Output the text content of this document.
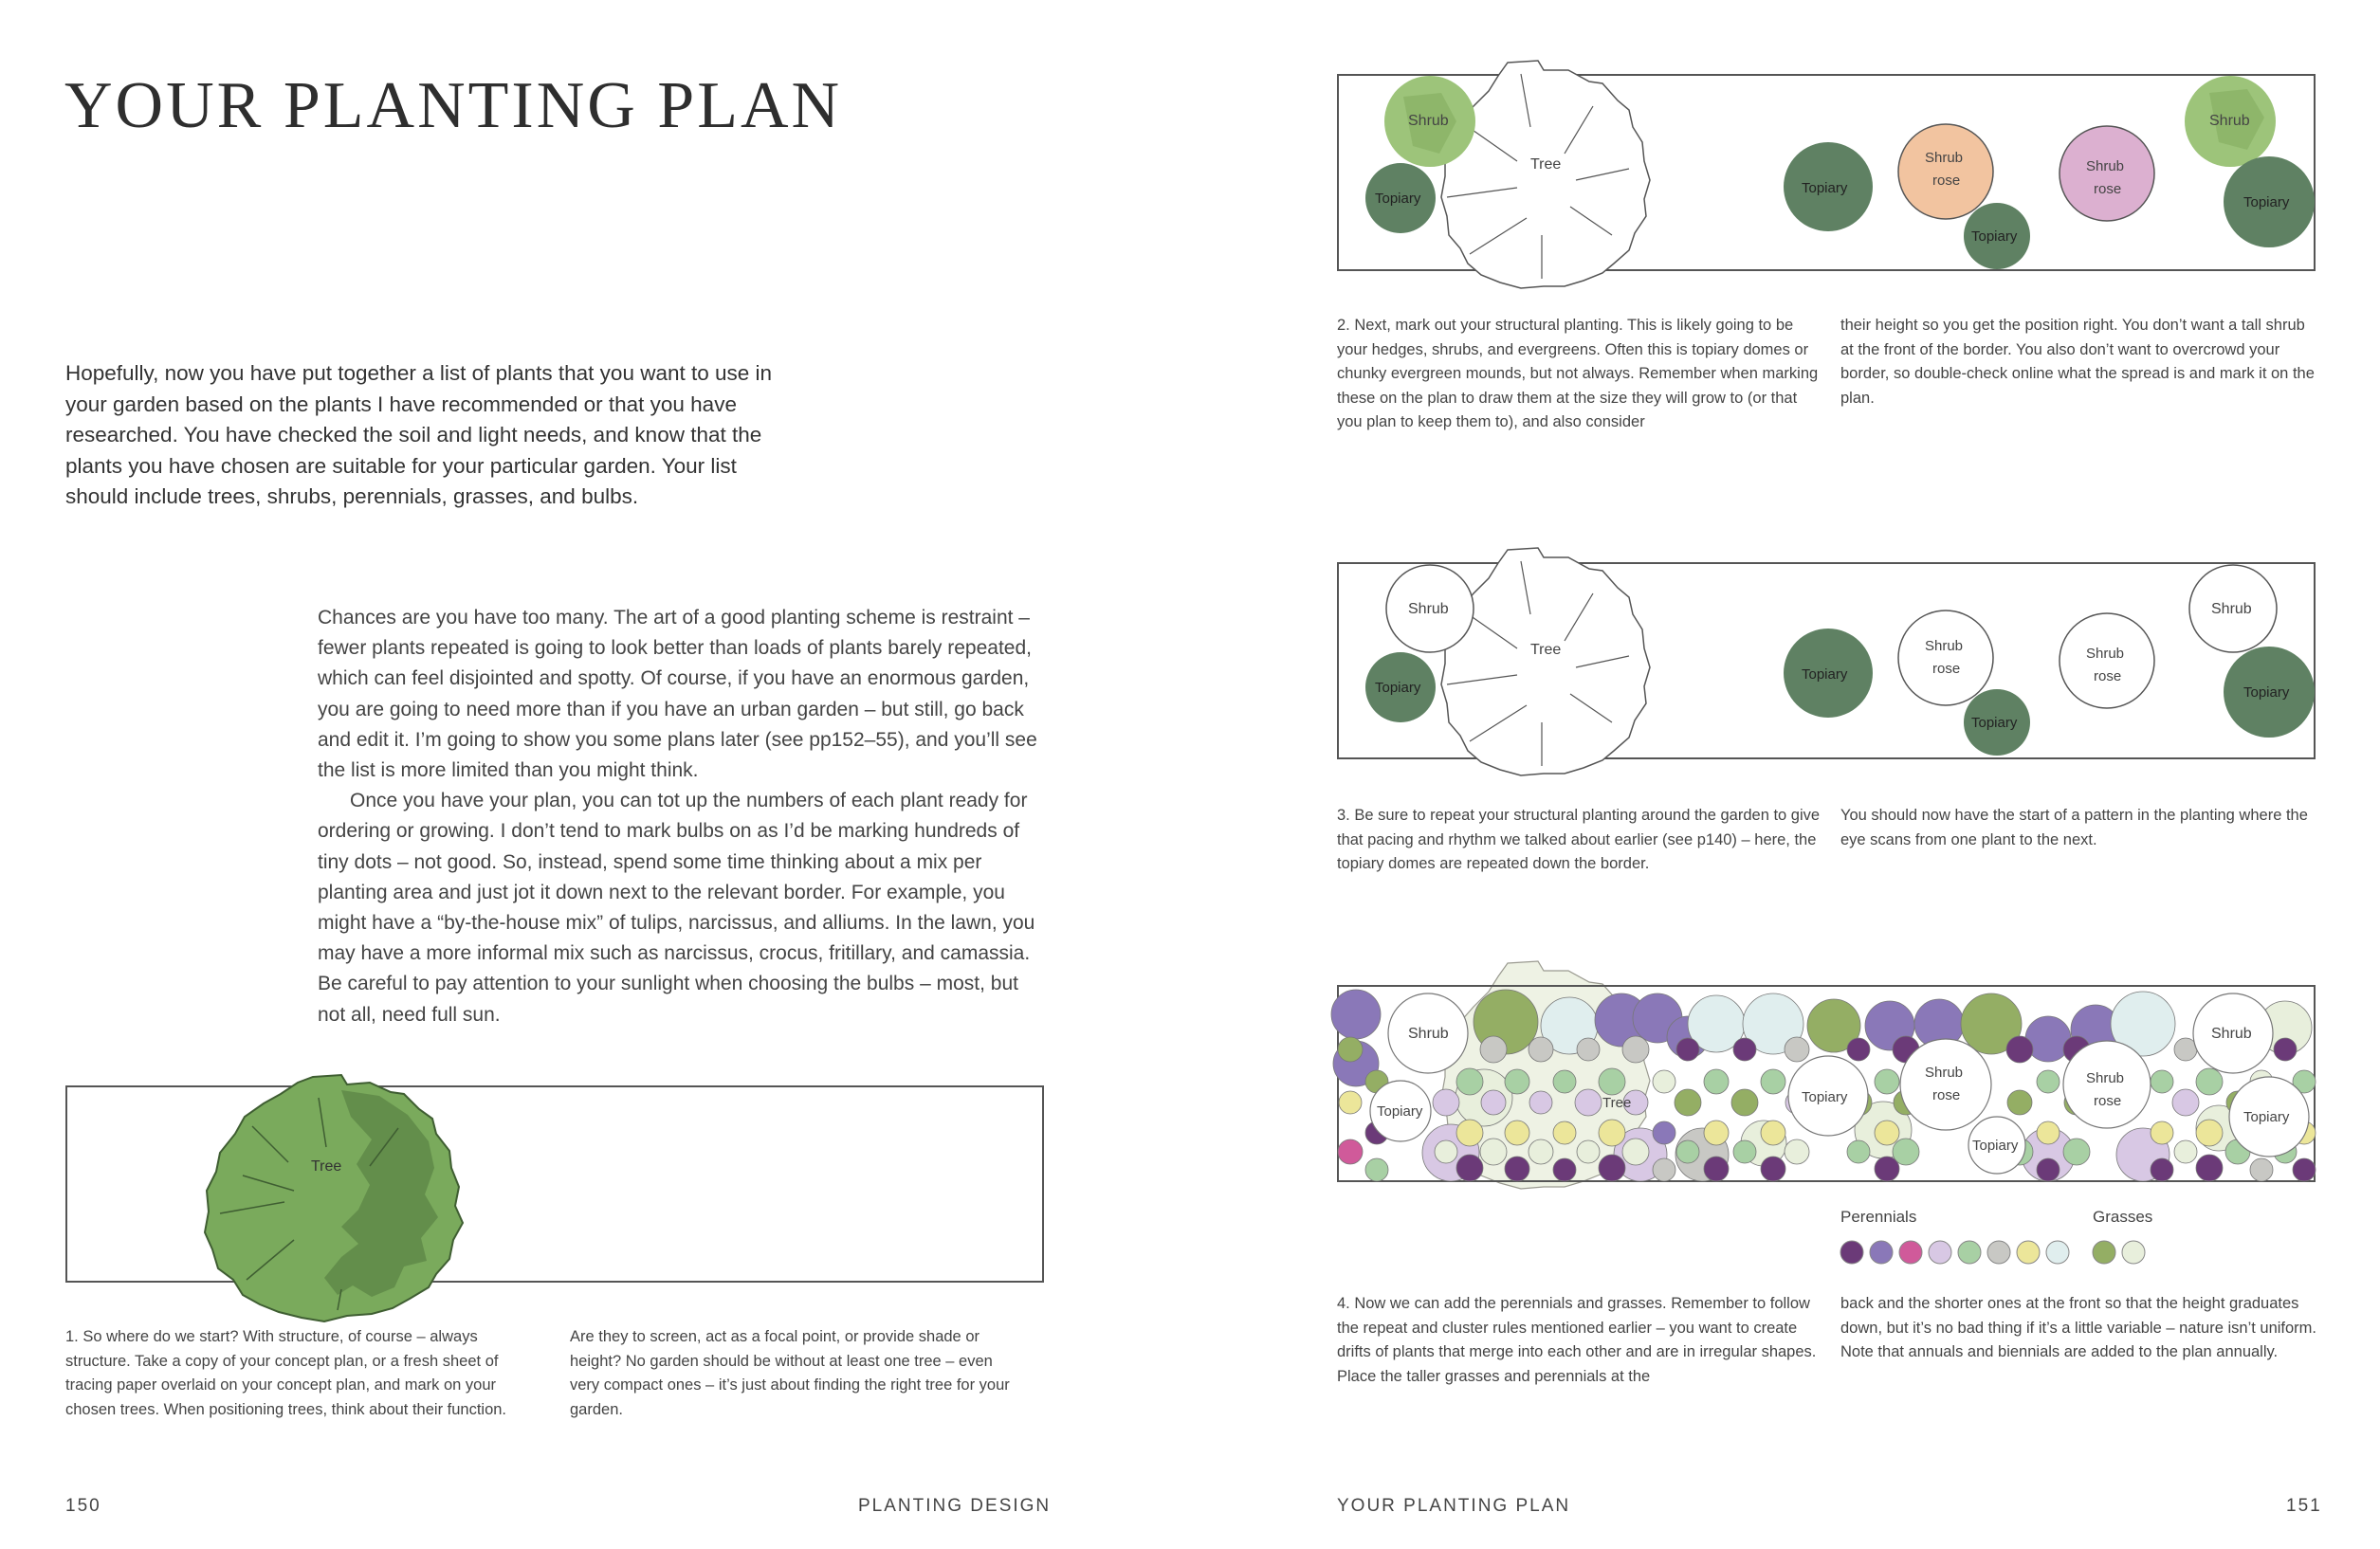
YOUR PLANTING PLAN
Hopefully, now you have put together a list of plants that you want to use in your garden based on the plants I have recommended or that you have researched. You have checked the soil and light needs, and know that the plants you have chosen are suitable for your particular garden. Your list should include trees, shrubs, perennials, grasses, and bulbs.

Chances are you have too many. The art of a good planting scheme is restraint – fewer plants repeated is going to look better than loads of plants barely repeated, which can feel disjointed and spotty. Of course, if you have an enormous garden, you are going to need more than if you have an urban garden – but still, go back and edit it. I’m going to show you some plans later (see pp152–55), and you’ll see the list is more limited than you might think.

Once you have your plan, you can tot up the numbers of each plant ready for ordering or growing. I don’t tend to mark bulbs on as I’d be marking hundreds of tiny dots – not good. So, instead, spend some time thinking about a mix per planting area and just jot it down next to the relevant border. For example, you might have a “by-the-house mix” of tulips, narcissus, and alliums. In the lawn, you may have a more informal mix such as narcissus, crocus, fritillary, and camassia. Be careful to pay attention to your sunlight when choosing the bulbs – most, but not all, need full sun.

Tree
1. So where do we start? With structure, of course – always structure. Take a copy of your concept plan, or a fresh sheet of tracing paper overlaid on your concept plan, and mark on your chosen trees. When positioning trees, think about their function.
Are they to screen, act as a focal point, or provide shade or height? No garden should be without at least one tree – even very compact ones – it’s just about finding the right tree for your garden.
Tree
Shrub
Topiary
Topiary
Shrub
rose
Topiary
Shrub
rose
Shrub
Topiary
2. Next, mark out your structural planting. This is likely going to be your hedges, shrubs, and evergreens. Often this is topiary domes or chunky evergreen mounds, but not always. Remember when marking these on the plan to draw them at the size they will grow to (or that you plan to keep them to), and also consider
their height so you get the position right. You don’t want a tall shrub at the front of the border. You also don’t want to overcrowd your border, so double-check online what the spread is and mark it on the plan.
Tree
Shrub
Topiary
Topiary
Shrub
rose
Topiary
Shrub
rose
Shrub
Topiary
3. Be sure to repeat your structural planting around the garden to give that pacing and rhythm we talked about earlier (see p140) – here, the topiary domes are repeated down the border.
You should now have the start of a pattern in the planting where the eye scans from one plant to the next.
Shrub
Topiary
Topiary
Shrub
rose
Topiary
Shrub
rose
Shrub
Topiary
Tree
Perennials	Grasses
4. Now we can add the perennials and grasses. Remember to follow the repeat and cluster rules mentioned earlier – you want to create drifts of plants that merge into each other and are in irregular shapes. Place the taller grasses and perennials at the
back and the shorter ones at the front so that the height graduates down, but it’s no bad thing if it’s a little variable – nature isn’t uniform. Note that annuals and biennials are added to the plan annually.
150	PLANTING DESIGN	YOUR PLANTING PLAN	151
